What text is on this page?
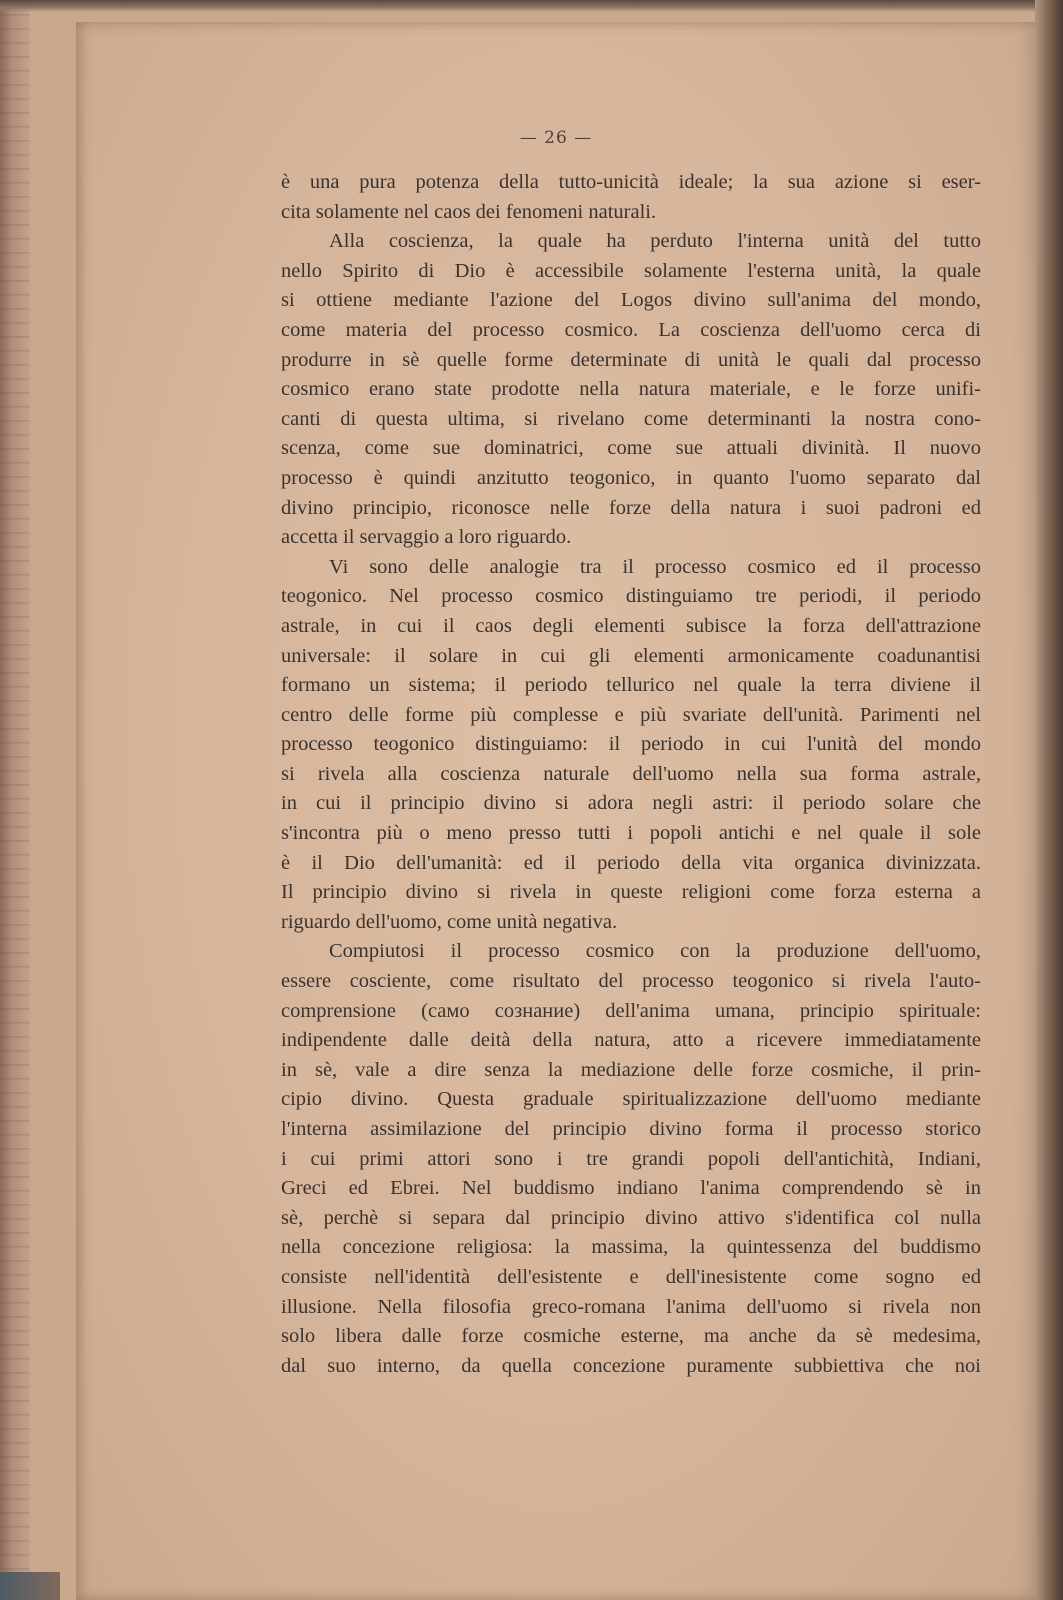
— 26 —
è una pura potenza della tutto-unicità ideale; la sua azione si eser-
cita solamente nel caos dei fenomeni naturali.
Alla coscienza, la quale ha perduto l'interna unità del tutto
nello Spirito di Dio è accessibile solamente l'esterna unità, la quale
si ottiene mediante l'azione del Logos divino sull'anima del mondo,
come materia del processo cosmico. La coscienza dell'uomo cerca di
produrre in sè quelle forme determinate di unità le quali dal processo
cosmico erano state prodotte nella natura materiale, e le forze unifi-
canti di questa ultima, si rivelano come determinanti la nostra cono-
scenza, come sue dominatrici, come sue attuali divinità. Il nuovo
processo è quindi anzitutto teogonico, in quanto l'uomo separato dal
divino principio, riconosce nelle forze della natura i suoi padroni ed
accetta il servaggio a loro riguardo.
Vi sono delle analogie tra il processo cosmico ed il processo
teogonico. Nel processo cosmico distinguiamo tre periodi, il periodo
astrale, in cui il caos degli elementi subisce la forza dell'attrazione
universale: il solare in cui gli elementi armonicamente coadunantisi
formano un sistema; il periodo tellurico nel quale la terra diviene il
centro delle forme più complesse e più svariate dell'unità. Parimenti nel
processo teogonico distinguiamo: il periodo in cui l'unità del mondo
si rivela alla coscienza naturale dell'uomo nella sua forma astrale,
in cui il principio divino si adora negli astri: il periodo solare che
s'incontra più o meno presso tutti i popoli antichi e nel quale il sole
è il Dio dell'umanità: ed il periodo della vita organica divinizzata.
Il principio divino si rivela in queste religioni come forza esterna a
riguardo dell'uomo, come unità negativa.
Compiutosi il processo cosmico con la produzione dell'uomo,
essere cosciente, come risultato del processo teogonico si rivela l'auto-
comprensione (само сознание) dell'anima umana, principio spirituale:
indipendente dalle deità della natura, atto a ricevere immediatamente
in sè, vale a dire senza la mediazione delle forze cosmiche, il prin-
cipio divino. Questa graduale spiritualizzazione dell'uomo mediante
l'interna assimilazione del principio divino forma il processo storico
i cui primi attori sono i tre grandi popoli dell'antichità, Indiani,
Greci ed Ebrei. Nel buddismo indiano l'anima comprendendo sè in
sè, perchè si separa dal principio divino attivo s'identifica col nulla
nella concezione religiosa: la massima, la quintessenza del buddismo
consiste nell'identità dell'esistente e dell'inesistente come sogno ed
illusione. Nella filosofia greco-romana l'anima dell'uomo si rivela non
solo libera dalle forze cosmiche esterne, ma anche da sè medesima,
dal suo interno, da quella concezione puramente subbiettiva che noi
